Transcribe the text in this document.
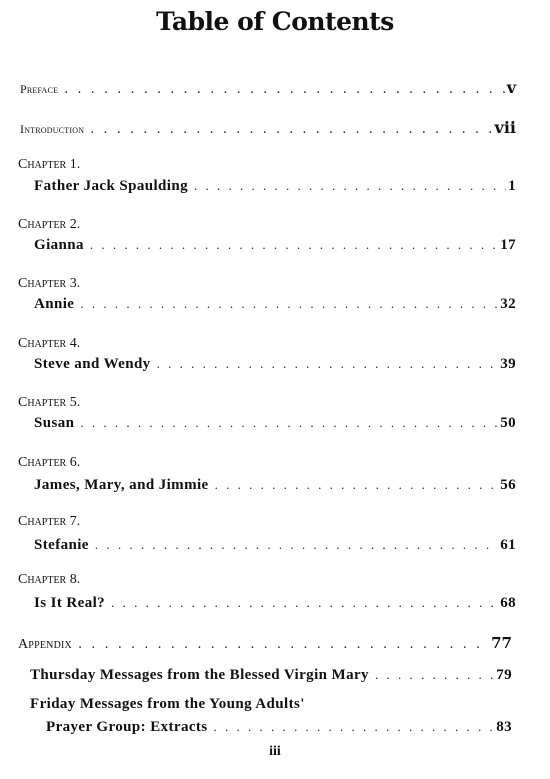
Table of Contents
Preface . . .	v
Introduction . . .	vii
Chapter 1.
Father Jack Spaulding . . .	1
Chapter 2.
Gianna . . .	17
Chapter 3.
Annie . . .	32
Chapter 4.
Steve and Wendy . . .	39
Chapter 5.
Susan . . .	50
Chapter 6.
James, Mary, and Jimmie . . .	56
Chapter 7.
Stefanie . . .	61
Chapter 8.
Is It Real? . . .	68
Appendix . . .	77
Thursday Messages from the Blessed Virgin Mary . . .	79
Friday Messages from the Young Adults'
Prayer Group: Extracts . . .	83
iii
